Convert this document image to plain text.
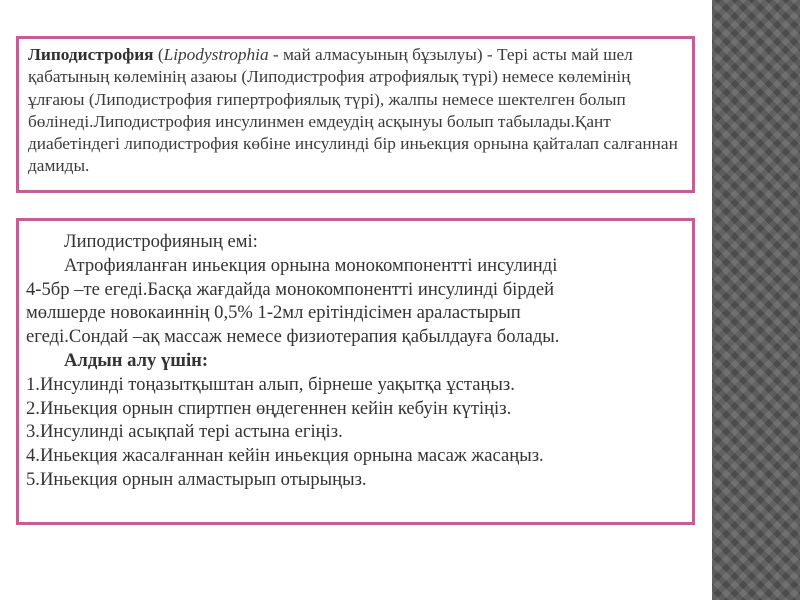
Липодистрофия (Lipodystrophia - май алмасуының бұзылуы) - Тері асты май шел қабатының көлемінің азаюы (Липодистрофия атрофиялық түрі) немесе көлемінің ұлғаюы (Липодистрофия гипертрофиялық түрі), жалпы немесе шектелген болып бөлінеді.Липодистрофия инсулинмен емдеудің асқынуы болып табылады.Қант диабетіндегі липодистрофия көбіне инсулинді бір иньекция орнына қайталап салғаннан дамиды.

Липодистрофияның емі:

Атрофияланған иньекция орнына монокомпонентті инсулинді

4-5бр –те егеді.Басқа жағдайда монокомпонентті инсулинді бірдей

мөлшерде новокаиннің 0,5% 1-2мл ерітіндісімен араластырып

егеді.Сондай –ақ массаж немесе физиотерапия қабылдауға болады.

Алдын алу үшін:

1.Инсулинді тоңазытқыштан алып, бірнеше уақытқа ұстаңыз.

2.Иньекция орнын спиртпен өңдегеннен кейін кебуін күтіңіз.

3.Инсулинді асықпай тері астына егіңіз.

4.Иньекция жасалғаннан кейін иньекция орнына масаж жасаңыз.

5.Иньекция орнын алмастырып отырыңыз.
